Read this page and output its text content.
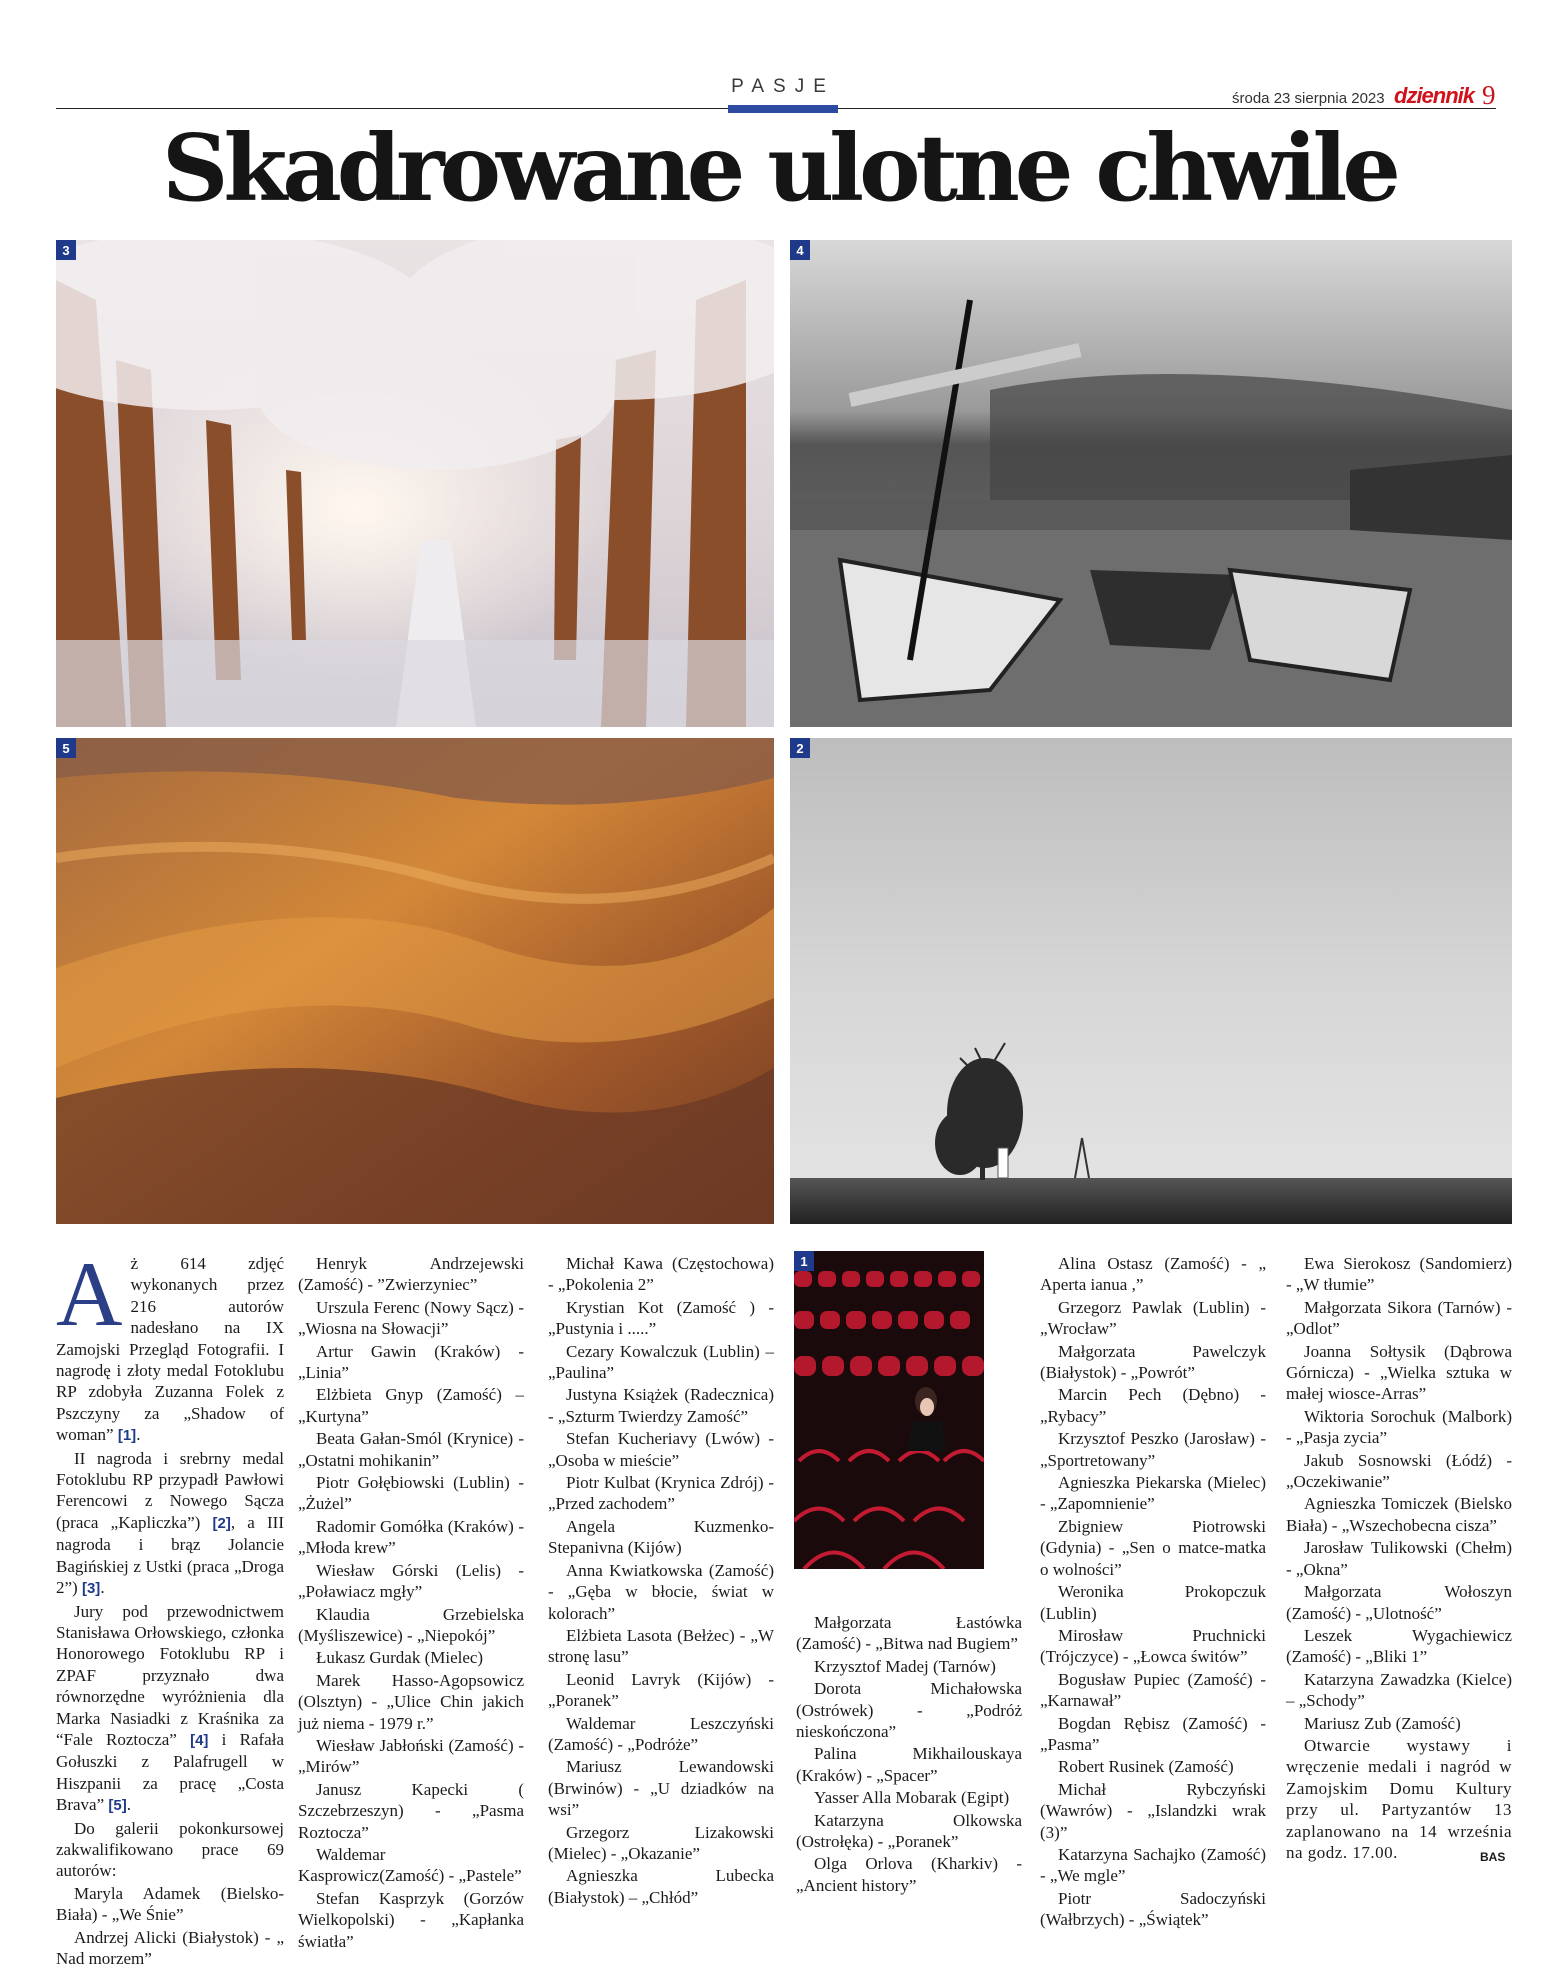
PASJE
środa 23 sierpnia 2023 dziennik 9
Skadrowane ulotne chwile
3	4
5	2
1

A ż 614 zdjęć wykonanych przez 216 autorów nadesłano na IX Zamojski Przegląd Fotografii. I nagrodę i złoty medal Fotoklubu RP zdobyła Zuzanna Folek z Pszczyny za „Shadow of woman” [1].

II nagroda i srebrny medal Fotoklubu RP przypadł Pawłowi Ferencowi z Nowego Sącza (praca „Kapliczka”) [2], a III nagroda i brąz Jolancie Bagińskiej z Ustki (praca „Droga 2”) [3].

Jury pod przewodnictwem Stanisława Orłowskiego, członka Honorowego Fotoklubu RP i ZPAF przyznało dwa równorzędne wyróżnienia dla Marka Nasiadki z Kraśnika za “Fale Roztocza” [4] i Rafała Gołuszki z Palafrugell w Hiszpanii za pracę „Costa Brava” [5].

Do galerii pokonkursowej zakwalifikowano prace 69 autorów:

Maryla Adamek (Bielsko-Biała) - „We Śnie”

Andrzej Alicki (Białystok) - „ Nad morzem”

Henryk Andrzejewski (Zamość) - ”Zwierzyniec”

Urszula Ferenc (Nowy Sącz) - „Wiosna na Słowacji”

Artur Gawin (Kraków) - „Linia”

Elżbieta Gnyp (Zamość) – „Kurtyna”

Beata Gałan-Smól (Krynice) - „Ostatni mohikanin”

Piotr Gołębiowski (Lublin) - „Żużel”

Radomir Gomółka (Kraków) - „Młoda krew”

Wiesław Górski (Lelis) - „Poławiacz mgły”

Klaudia Grzebielska (Myśliszewice) - „Niepokój”

Łukasz Gurdak (Mielec)

Marek Hasso-Agopsowicz (Olsztyn) - „Ulice Chin jakich już niema - 1979 r.”

Wiesław Jabłoński (Zamość) - „Mirów”

Janusz Kapecki ( Szczebrzeszyn) - „Pasma Roztocza”

Waldemar Kasprowicz(Zamość) - „Pastele”

Stefan Kasprzyk (Gorzów Wielkopolski) - „Kapłanka światła”

Michał Kawa (Częstochowa) - „Pokolenia 2”

Krystian Kot (Zamość ) - „Pustynia i .....”

Cezary Kowalczuk (Lublin) – „Paulina”

Justyna Książek (Radecznica) - „Szturm Twierdzy Zamość”

Stefan Kucheriavy (Lwów) - „Osoba w mieście”

Piotr Kulbat (Krynica Zdrój) - „Przed zachodem”

Angela Kuzmenko-Stepanivna (Kijów)

Anna Kwiatkowska (Zamość) - „Gęba w błocie, świat w kolorach”

Elżbieta Lasota (Bełżec) - „W stronę lasu”

Leonid Lavryk (Kijów) - „Poranek”

Waldemar Leszczyński (Zamość) - „Podróże”

Mariusz Lewandowski (Brwinów) - „U dziadków na wsi”

Grzegorz Lizakowski (Mielec) - „Okazanie”

Agnieszka Lubecka (Białystok) – „Chłód”

Małgorzata Łastówka (Zamość) - „Bitwa nad Bugiem”

Krzysztof Madej (Tarnów)

Dorota Michałowska (Ostrówek) - „Podróż nieskończona”

Palina Mikhailouskaya (Kraków) - „Spacer”

Yasser Alla Mobarak (Egipt)

Katarzyna Olkowska (Ostrołęka) - „Poranek”

Olga Orlova (Kharkiv) - „Ancient history”

Alina Ostasz (Zamość) - „ Aperta ianua ,”

Grzegorz Pawlak (Lublin) - „Wrocław”

Małgorzata Pawelczyk (Białystok) - „Powrót”

Marcin Pech (Dębno) - „Rybacy”

Krzysztof Peszko (Jarosław) - „Sportretowany”

Agnieszka Piekarska (Mielec) - „Zapomnienie”

Zbigniew Piotrowski (Gdynia) - „Sen o matce-matka o wolności”

Weronika Prokopczuk (Lublin)

Mirosław Pruchnicki (Trójczyce) - „Łowca świtów”

Bogusław Pupiec (Zamość) - „Karnawał”

Bogdan Rębisz (Zamość) - „Pasma”

Robert Rusinek (Zamość)

Michał Rybczyński (Wawrów) - „Islandzki wrak (3)”

Katarzyna Sachajko (Zamość) - „We mgle”

Piotr Sadoczyński (Wałbrzych) - „Świątek”

Ewa Sierokosz (Sandomierz) - „W tłumie”

Małgorzata Sikora (Tarnów) - „Odlot”

Joanna Sołtysik (Dąbrowa Górnicza) - „Wielka sztuka w małej wiosce-Arras”

Wiktoria Sorochuk (Malbork) - „Pasja zycia”

Jakub Sosnowski (Łódź) - „Oczekiwanie”

Agnieszka Tomiczek (Bielsko Biała) - „Wszechobecna cisza”

Jarosław Tulikowski (Chełm) - „Okna”

Małgorzata Wołoszyn (Zamość) - „Ulotność”

Leszek Wygachiewicz (Zamość) - „Bliki 1”

Katarzyna Zawadzka (Kielce) – „Schody”

Mariusz Zub (Zamość)

Otwarcie wystawy i wręczenie medali i nagród w Zamojskim Domu Kultury przy ul. Partyzantów 13 zaplanowano na 14 września na godz. 17.00.	BAS
